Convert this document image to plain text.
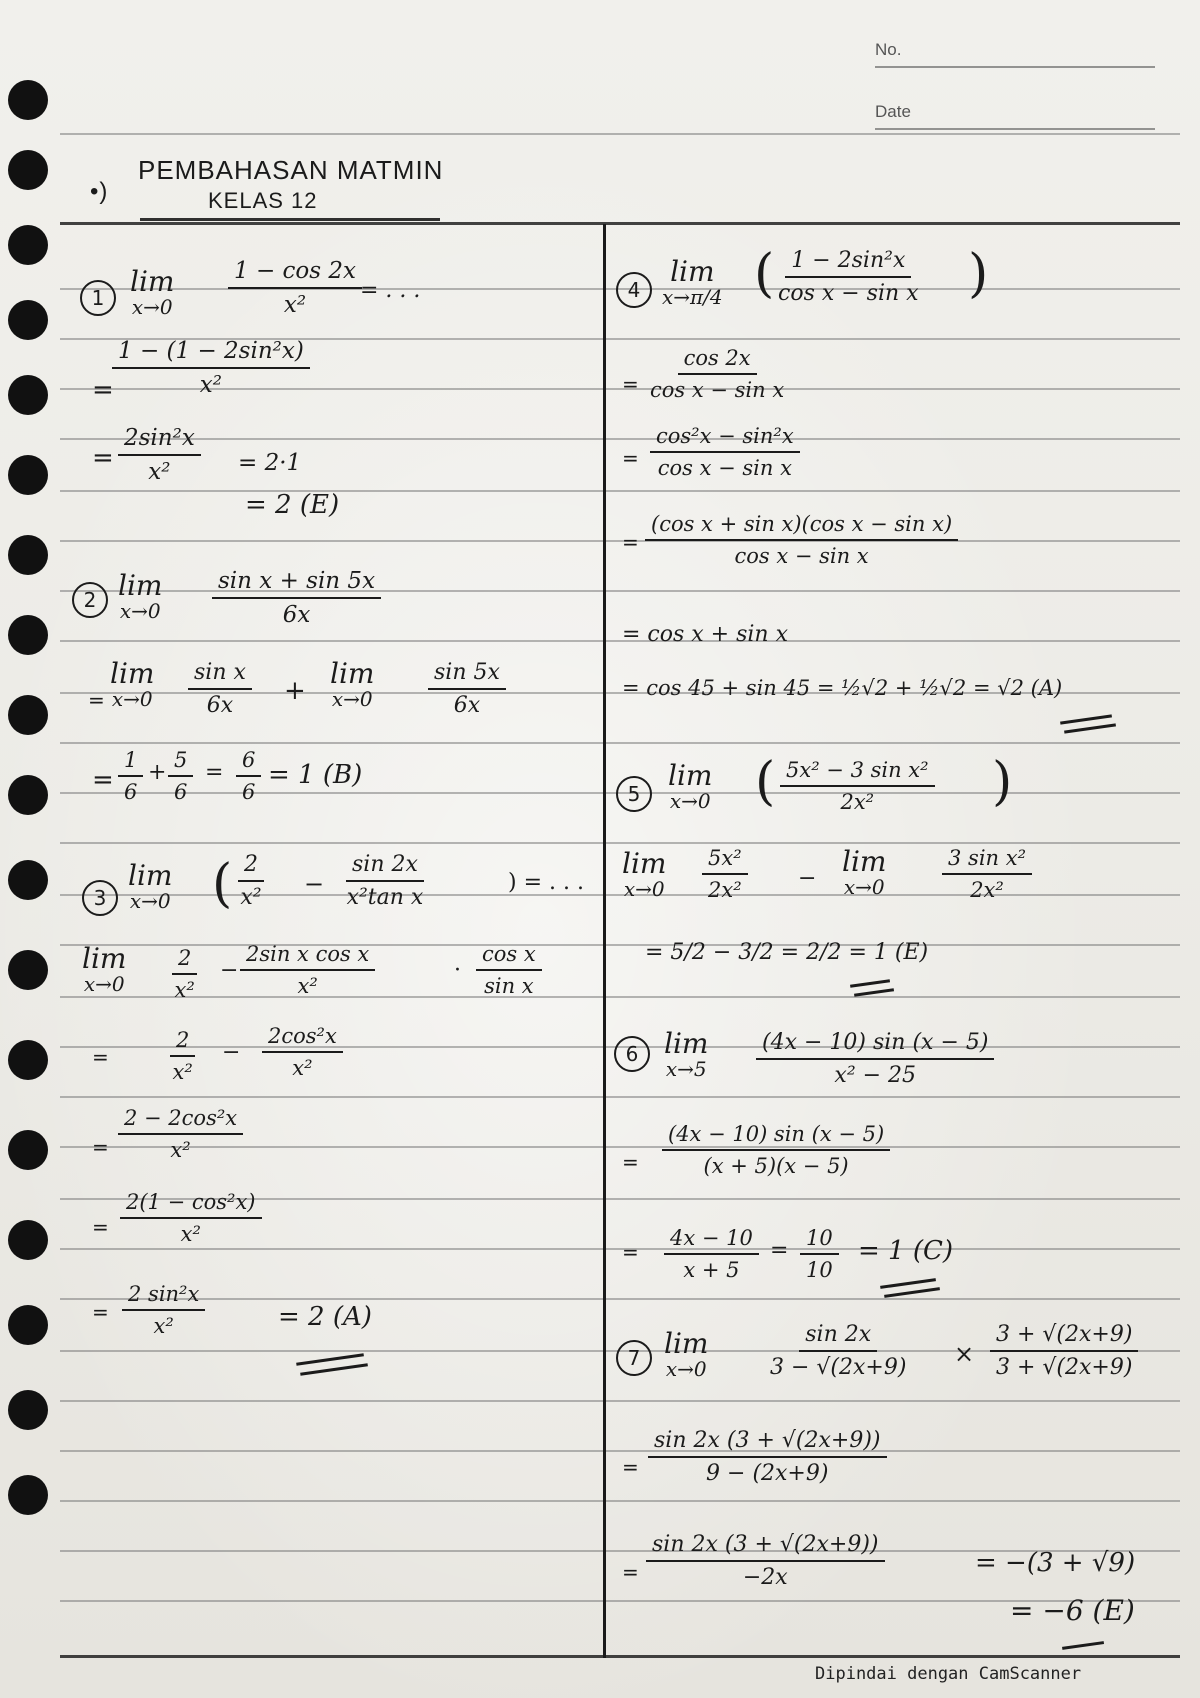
No.
Date
•)
PEMBAHASAN MATMIN
KELAS 12
1 lim
$x\to 0 \frac{1 - \cos 2x}{\text{x²}}$
= . . .
=
$\frac{\text{1 − (1 − 2sin²x)}}{\text{x²}}$
= $\frac{\text{2sin²x}}{\text{x²}} = 2\cdot 1$
= 2 (E)
2 lim
$x\to 0 \frac{\text{sin x + sin 5x}}{6x}$
=
lim
$x\to 0 \frac{\text{sin x}}{6x}$ +
lim
x→0	$\frac{\sin 5x}{6x}$
= $\frac{1}{6} + \frac{5}{6} = \frac{6}{6} = 1$ (B)
3
lim
x→0 ( $\frac{2}{\text{x²}} - \frac{\sin 2x}{\text{x²tan x}}$	) = . . .
lim
$x\to 0 \frac{2}{\text{x²}} - \frac{\text{2sin x cos x}}{\text{x²}}$	· $\frac{\text{cos x}}{\text{sin x}}$
=	$\frac{2}{\text{x²}} - \frac{\text{2cos²x}}{\text{x²}}$
= $\frac{\text{2 − 2cos²x}}{\text{x²}}$
= $\frac{\text{2(1 − cos²x)}}{\text{x²}}$
= $\frac{\text{2 sin²x}}{\text{x²}}$	= 2 (A)
4
lim
x→π/4 ( $\frac{\text{1 − 2sin²x}}{\text{cos x − sin x}}$ )
= $\frac{\cos 2x}{\text{cos x − sin x}}$
= $\frac{\text{cos²x − sin²x}}{\text{cos x − sin x}}$
= $\frac{\text{(cos x + sin x)(cos x − sin x)}}{\text{cos x − sin x}}$
= cos x + sin x
= cos 45 + sin 45 = ½√2 + ½√2 = √2 (A)
5
lim
x→0 ( $\frac{\text{5x² − 3 sin x²}}{\text{2x²}}$ )
lim
$x\to 0 \frac{\text{5x²}}{\text{2x²}}$ −
lim
x→0	$\frac{\text{3 sin x²}}{\text{2x²}}$
= 5/2 − 3/2 = 2/2 = 1 (E)
6 lim
$x\to 5 \frac{(4x - 10) \sin (x - 5)}{\text{x² − 25}}$
= $\frac{(4x - 10) \sin (x - 5)}{(x + 5)(x - 5)}$
= $\frac{4x - 10}{x + 5} = \frac{10}{10} = 1$ (C)
7 lim
x→0	$\frac{\sin 2x}{3 - √(2x+9)} \times \frac{3 + √(2x+9)}{3 + √(2x+9)}$
= $\frac{\sin 2x (3 + √(2x+9))}{9 - (2x+9)}$
= $\frac{\sin 2x (3 + √(2x+9))}{-2x}$	= −(3 + √9)
= −6 (E)
Dipindai dengan CamScanner
